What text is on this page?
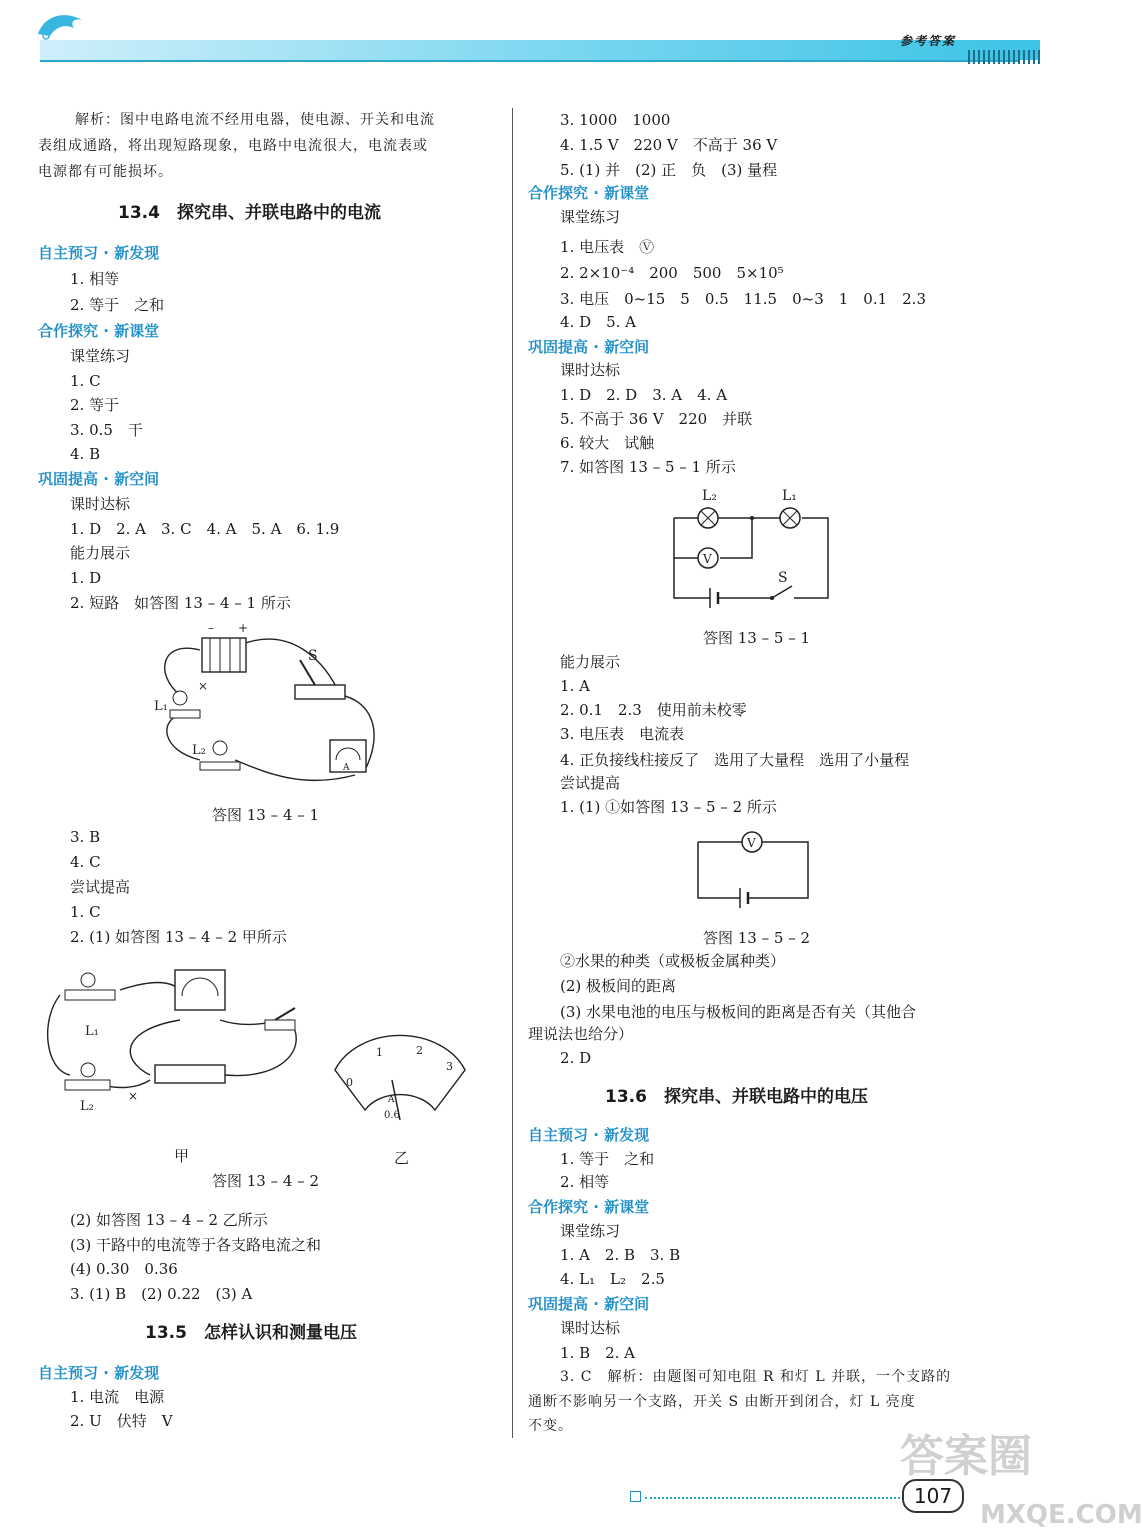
参考答案
解析：图中电路电流不经用电器，使电源、开关和电流
表组成通路，将出现短路现象，电路中电流很大，电流表或
电源都有可能损坏。
13.4　探究串、并联电路中的电流
自主预习 · 新发现
1. 相等
2. 等于　之和
合作探究 · 新课堂
课堂练习
1. C
2. 等于
3. 0.5　干
4. B
巩固提高 · 新空间
课时达标
1. D　2. A　3. C　4. A　5. A　6. 1.9
能力展示
1. D
2. 短路　如答图 13 – 4 – 1 所示
3. B
4. C
尝试提高
1. C
2. (1) 如答图 13 – 4 – 2 甲所示
(2) 如答图 13 – 4 – 2 乙所示
(3) 干路中的电流等于各支路电流之和
(4) 0.30　0.36
3. (1) B　(2) 0.22　(3) A
13.5　怎样认识和测量电压
自主预习 · 新发现
1. 电流　电源
2. U　伏特　V
3. 1000　1000
4. 1.5 V　220 V　不高于 36 V
5. (1) 并　(2) 正　负　(3) 量程
合作探究 · 新课堂
课堂练习
1. 电压表　Ⓥ
2. 2×10⁻⁴　200　500　5×10⁵
3. 电压　0~15　5　0.5　11.5　0~3　1　0.1　2.3
4. D　5. A
巩固提高 · 新空间
课时达标
1. D　2. D　3. A　4. A
5. 不高于 36 V　220　并联
6. 较大　试触
7. 如答图 13 – 5 – 1 所示
能力展示
1. A
2. 0.1　2.3　使用前未校零
3. 电压表　电流表
4. 正负接线柱接反了　选用了大量程　选用了小量程
尝试提高
1. (1) ①如答图 13 – 5 – 2 所示
②水果的种类（或极板金属种类）
(2) 极板间的距离
(3) 水果电池的电压与极板间的距离是否有关（其他合
理说法也给分）
2. D
13.6　探究串、并联电路中的电压
自主预习 · 新发现
1. 等于　之和
2. 相等
合作探究 · 新课堂
课堂练习
1. A　2. B　3. B
4. L₁　L₂　2.5
巩固提高 · 新空间
课时达标
1. B　2. A
3. C　解析：由题图可知电阻 R 和灯 L 并联，一个支路的
通断不影响另一个支路，开关 S 由断开到闭合，灯 L 亮度
不变。
– +
×
S
L₁
L₂
A
答图 13 – 4 – 1
L₁
L₂
×
0
1	2
3
A
0.6
甲	乙
答图 13 – 4 – 2
V
L₂	L₁
S
答图 13 – 5 – 1
V
答图 13 – 5 – 2
107
答案圈
MXQE.COM
